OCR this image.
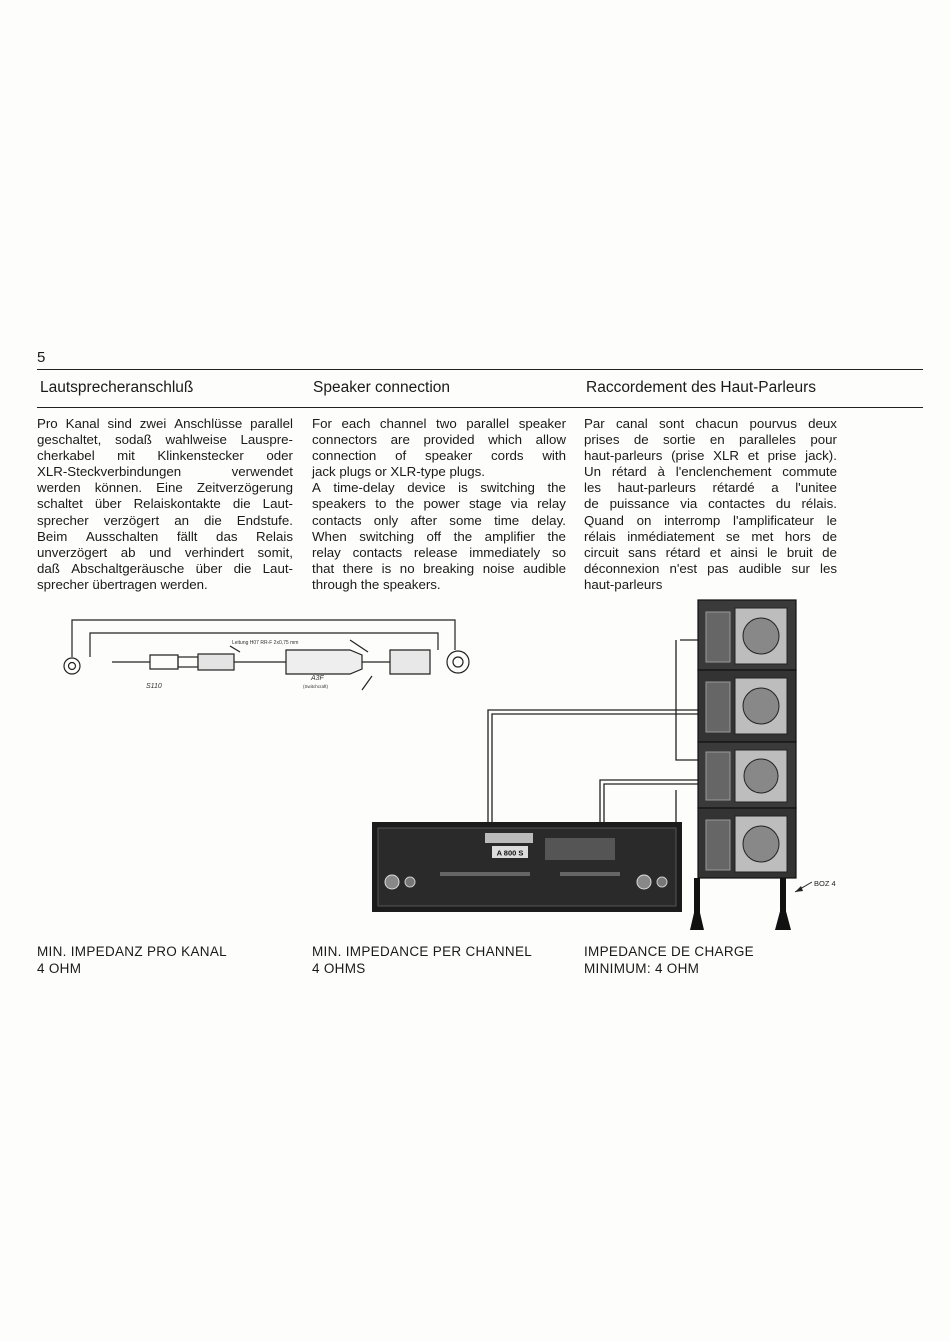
5
Lautsprecheranschluß	Speaker connection	Raccordement des Haut-Parleurs
Pro Kanal sind zwei Anschlüsse parallel
geschaltet, sodaß wahlweise Lauspre-
cherkabel mit Klinkenstecker oder
XLR-Steckverbindungen	verwendet
werden können. Eine Zeitverzögerung
schaltet über Relaiskontakte die Laut-
sprecher verzögert an die Endstufe.
Beim Ausschalten fällt das Relais
unverzögert ab und verhindert somit,
daß Abschaltgeräusche über die Laut-
sprecher übertragen werden.
For each channel two parallel speaker
connectors are provided which allow
connection of speaker cords with
jack plugs or XLR-type plugs.
A time-delay device is switching the
speakers to the power stage via relay
contacts only after some time delay.
When switching off the amplifier the
relay contacts release immediately so
that there is no breaking noise audible
through the speakers.
Par canal sont chacun pourvus deux
prises de sortie en paralleles pour
haut-parleurs (prise XLR et prise jack).
Un rétard à l'enclenchement commute
les haut-parleurs rétardé a l'unitee
de puissance via contactes du rélais.
Quand on interromp l'amplificateur le
rélais inmédiatement se met hors de
circuit sans rétard et ainsi le bruit de
déconnexion n'est pas audible sur les
haut-parleurs
Leitung H07 RR-F 2x0,75 mm
S110
A3F
(Switchcraft)
A 800 S
BOZ 4
MIN. IMPEDANZ PRO KANAL
4 OHM
MIN. IMPEDANCE PER CHANNEL
4 OHMS
IMPEDANCE DE CHARGE
MINIMUM: 4 OHM
